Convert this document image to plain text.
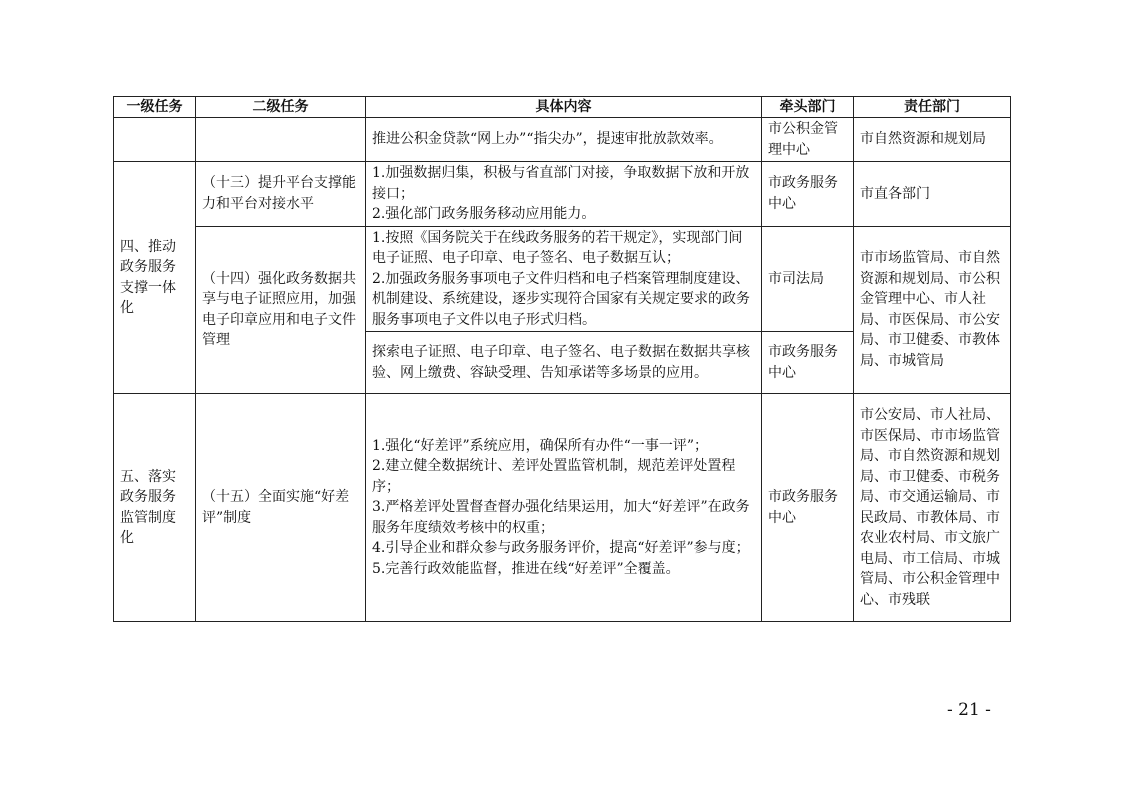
一级任务	二级任务	具体内容	牵头部门	责任部门
		推进公积金贷款“网上办”“指尖办”，提速审批放款效率。	市公积金管理中心	市自然资源和规划局
四、推动政务服务支撑一体化	（十三）提升平台支撑能力和平台对接水平	1.加强数据归集，积极与省直部门对接，争取数据下放和开放接口；
2.强化部门政务服务移动应用能力。	市政务服务中心	市直各部门
	（十四）强化政务数据共享与电子证照应用，加强电子印章应用和电子文件管理	1.按照《国务院关于在线政务服务的若干规定》，实现部门间电子证照、电子印章、电子签名、电子数据互认；
2.加强政务服务事项电子文件归档和电子档案管理制度建设、机制建设、系统建设，逐步实现符合国家有关规定要求的政务服务事项电子文件以电子形式归档。	市司法局	市市场监管局、市自然资源和规划局、市公积金管理中心、市人社局、市医保局、市公安局、市卫健委、市教体局、市城管局
		探索电子证照、电子印章、电子签名、电子数据在数据共享核验、网上缴费、容缺受理、告知承诺等多场景的应用。	市政务服务中心	
五、落实政务服务监管制度化	（十五）全面实施“好差评”制度	1.强化“好差评”系统应用，确保所有办件“一事一评”；
2.建立健全数据统计、差评处置监管机制，规范差评处置程序；
3.严格差评处置督查督办强化结果运用，加大“好差评”在政务服务年度绩效考核中的权重；
4.引导企业和群众参与政务服务评价，提高“好差评”参与度；
5.完善行政效能监督，推进在线“好差评”全覆盖。	市政务服务中心	市公安局、市人社局、市医保局、市市场监管局、市自然资源和规划局、市卫健委、市税务局、市交通运输局、市民政局、市教体局、市农业农村局、市文旅广电局、市工信局、市城管局、市公积金管理中心、市残联
- 21 -
